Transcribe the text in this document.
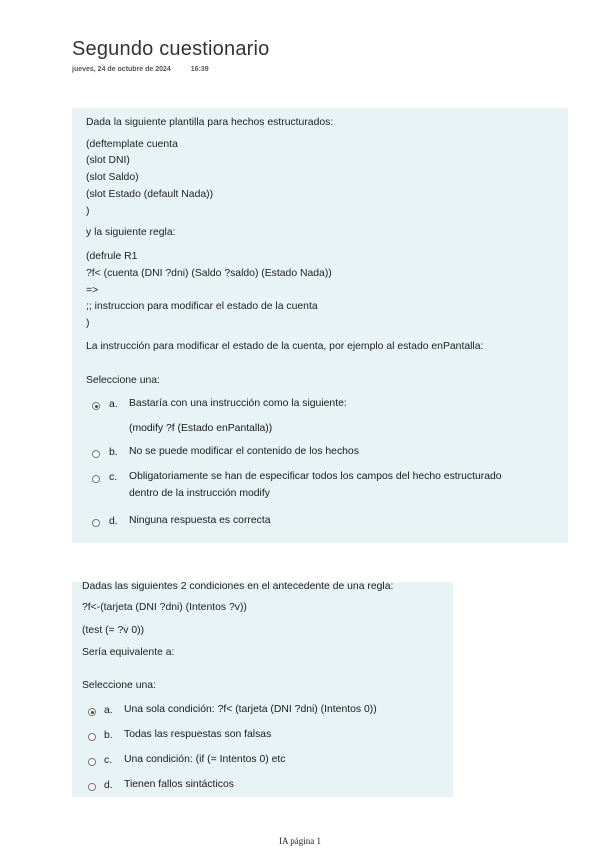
Segundo cuestionario
jueves, 24 de octubre de 2024	16:39
Dada la siguiente plantilla para hechos estructurados:
(deftemplate cuenta
(slot DNI)
(slot Saldo)
(slot Estado (default Nada))
)
y la siguiente regla:
(defrule R1
?f< (cuenta (DNI ?dni) (Saldo ?saldo) (Estado Nada))
=>
;; instruccion para modificar el estado de la cuenta
)
La instrucción para modificar el estado de la cuenta, por ejemplo al estado enPantalla:
Seleccione una:
a. Bastaría con una instrucción como la siguiente:
(modify ?f (Estado enPantalla))
b. No se puede modificar el contenido de los hechos
c. Obligatoriamente se han de especificar todos los campos del hecho estructurado
dentro de la instrucción modify
d. Ninguna respuesta es correcta
Dadas las siguientes 2 condiciones en el antecedente de una regla:
?f<-(tarjeta (DNI ?dni) (Intentos ?v))
(test (= ?v 0))
Sería equivalente a:
Seleccione una:
a. Una sola condición: ?f< (tarjeta (DNI ?dni) (Intentos 0))
b. Todas las respuestas son falsas
c. Una condición: (if (= Intentos 0) etc
d. Tienen fallos sintácticos
IA página 1
